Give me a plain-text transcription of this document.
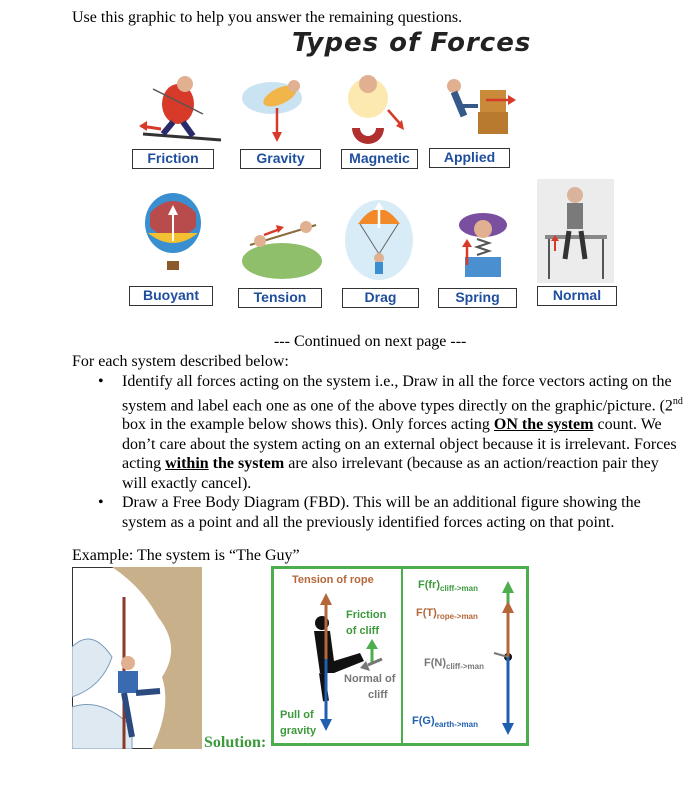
Use this graphic to help you answer the remaining questions.
Types of Forces
Friction	Gravity	Magnetic	Applied
Buoyant	Tension	Drag	Spring	Normal
--- Continued on next page ---
For each system described below:
• Identify all forces acting on the system i.e., Draw in all the force vectors acting on the system and label each one as one of the above types directly on the graphic/picture. (2nd box in the example below shows this). Only forces acting ON the system count. We don’t care about the system acting on an external object because it is irrelevant. Forces acting within the system are also irrelevant (because as an action/reaction pair they will exactly cancel).
• Draw a Free Body Diagram (FBD). This will be an additional figure showing the system as a point and all the previously identified forces acting on that point.
Example: The system is “The Guy”
Solution:
Tension of rope
Friction
of cliff
Normal of
cliff
Pull of
gravity
$F(fr)_{cliff->man}$
$F(T)_{rope->man}$
$F(N)_{cliff->man}$
$F(G)_{earth->man}$
